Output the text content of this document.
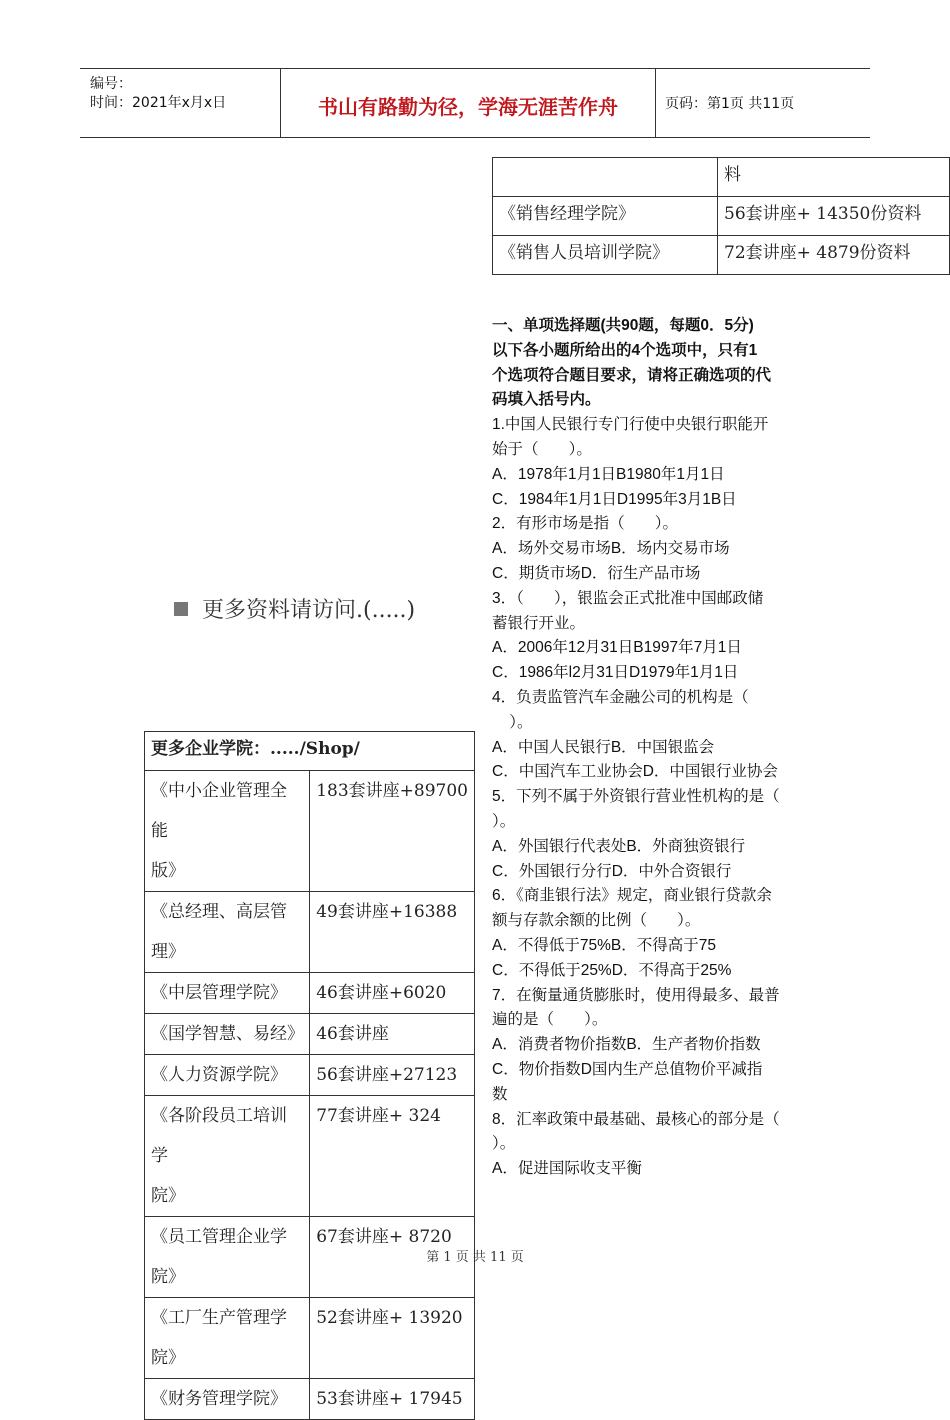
编号：
时间：2021年x月x日	书山有路勤为径，学海无涯苦作舟	页码：第1页 共11页
	料
《销售经理学院》	56套讲座+ 14350份资料
《销售人员培训学院》	72套讲座+ 4879份资料
更多资料请访问.(.....)
更多企业学院：...../Shop/	

《中小企业管理全能
版》	183套讲座+89700
《总经理、高层管理》	49套讲座+16388
《中层管理学院》	46套讲座+6020
《国学智慧、易经》	46套讲座
《人力资源学院》	56套讲座+27123

《各阶段员工培训学
院》	77套讲座+ 324
《员工管理企业学院》	67套讲座+ 8720
《工厂生产管理学院》	52套讲座+ 13920
《财务管理学院》	53套讲座+ 17945
一、单项选择题(共90题，每题0．5分)
以下各小题所给出的4个选项中，只有1
个选项符合题目要求，请将正确选项的代
码填入括号内。
1.中国人民银行专门行使中央银行职能开
始于（       ）。
A．1978年1月1日B1980年1月1日
C．1984年1月1日D1995年3月1B日
2．有形市场是指（       ）。
A．场外交易市场B．场内交易市场
C．期货市场D．衍生产品市场
3．（       ），银监会正式批准中国邮政储
蓄银行开业。
A．2006年12月31日B1997年7月1日
C．1986年l2月31日D1979年1月1日
4．负责监管汽车金融公司的机构是（
）。
A．中国人民银行B．中国银监会
C．中国汽车工业协会D．中国银行业协会
5．下列不属于外资银行营业性机构的是（
）。
A．外国银行代表处B．外商独资银行
C．外国银行分行D．中外合资银行
6．《商韭银行法》规定，商业银行贷款余
额与存款余额的比例（       ）。
A．不得低于75%B．不得高于75
C．不得低于25%D．不得高于25%
7．在衡量通货膨胀时，使用得最多、最普
遍的是（       ）。
A．消费者物价指数B．生产者物价指数
C．物价指数D国内生产总值物价平减指
数
8．汇率政策中最基础、最核心的部分是（
）。
A．促进国际收支平衡
第 1 页 共 11 页
